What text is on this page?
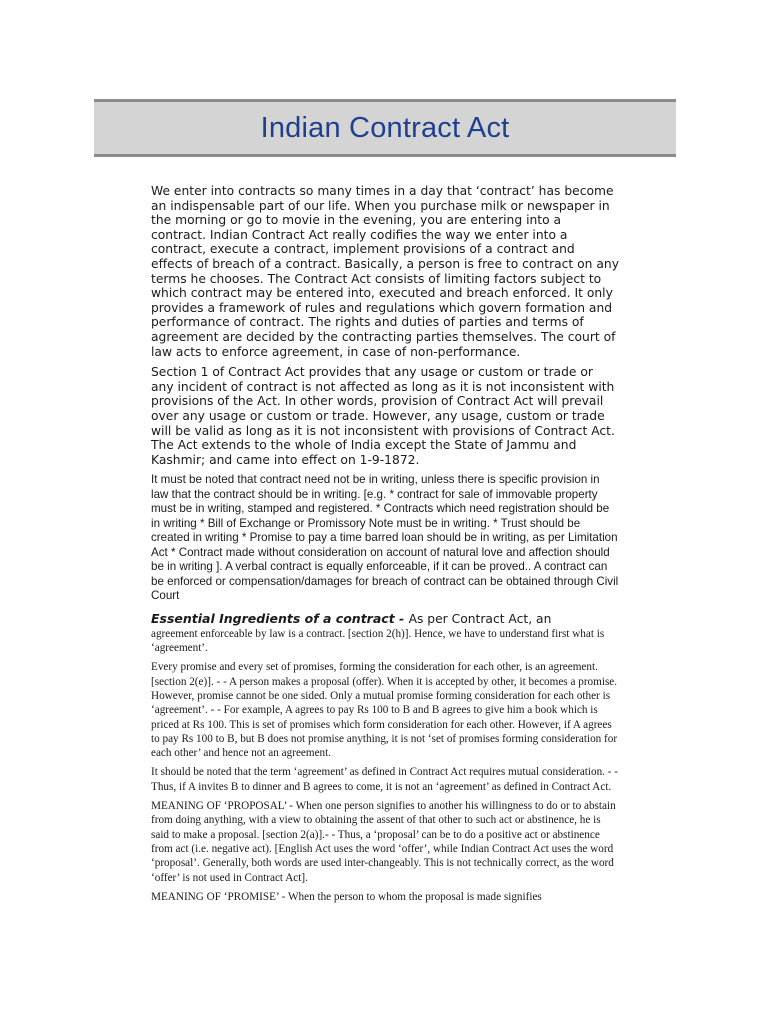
Indian Contract Act

We enter into contracts so many times in a day that ‘contract’ has become an indispensable part of our life. When you purchase milk or newspaper in the morning or go to movie in the evening, you are entering into a contract. Indian Contract Act really codifies the way we enter into a contract, execute a contract, implement provisions of a contract and effects of breach of a contract. Basically, a person is free to contract on any terms he chooses. The Contract Act consists of limiting factors subject to which contract may be entered into, executed and breach enforced. It only provides a framework of rules and regulations which govern formation and performance of contract. The rights and duties of parties and terms of agreement are decided by the contracting parties themselves. The court of law acts to enforce agreement, in case of non-performance.

Section 1 of Contract Act provides that any usage or custom or trade or any incident of contract is not affected as long as it is not inconsistent with provisions of the Act. In other words, provision of Contract Act will prevail over any usage or custom or trade. However, any usage, custom or trade will be valid as long as it is not inconsistent with provisions of Contract Act. The Act extends to the whole of India except the State of Jammu and Kashmir; and came into effect on 1-9-1872.

It must be noted that contract need not be in writing, unless there is specific provision in law that the contract should be in writing. [e.g. * contract for sale of immovable property must be in writing, stamped and registered. * Contracts which need registration should be in writing * Bill of Exchange or Promissory Note must be in writing. * Trust should be created in writing * Promise to pay a time barred loan should be in writing, as per Limitation Act * Contract made without consideration on account of natural love and affection should be in writing ]. A verbal contract is equally enforceable, if it can be proved.. A contract can be enforced or compensation/damages for breach of contract can be obtained through Civil Court

Essential Ingredients of a contract - As per Contract Act, an

agreement enforceable by law is a contract. [section 2(h)]. Hence, we have to understand first what is ‘agreement’.

Every promise and every set of promises, forming the consideration for each other, is an agreement. [section 2(e)]. - - A person makes a proposal (offer). When it is accepted by other, it becomes a promise. However, promise cannot be one sided. Only a mutual promise forming consideration for each other is ‘agreement’. - - For example, A agrees to pay Rs 100 to B and B agrees to give him a book which is priced at Rs 100. This is set of promises which form consideration for each other. However, if A agrees to pay Rs 100 to B, but B does not promise anything, it is not ‘set of promises forming consideration for each other’ and hence not an agreement.

It should be noted that the term ‘agreement’ as defined in Contract Act requires mutual consideration. - - Thus, if A invites B to dinner and B agrees to come, it is not an ‘agreement’ as defined in Contract Act.

MEANING OF ‘PROPOSAL’ - When one person signifies to another his willingness to do or to abstain from doing anything, with a view to obtaining the assent of that other to such act or abstinence, he is said to make a proposal. [section 2(a)].- - Thus, a ‘proposal’ can be to do a positive act or abstinence from act (i.e. negative act). [English Act uses the word ‘offer’, while Indian Contract Act uses the word ‘proposal’. Generally, both words are used inter-changeably. This is not technically correct, as the word ‘offer’ is not used in Contract Act].

MEANING OF ‘PROMISE’ - When the person to whom the proposal is made signifies
